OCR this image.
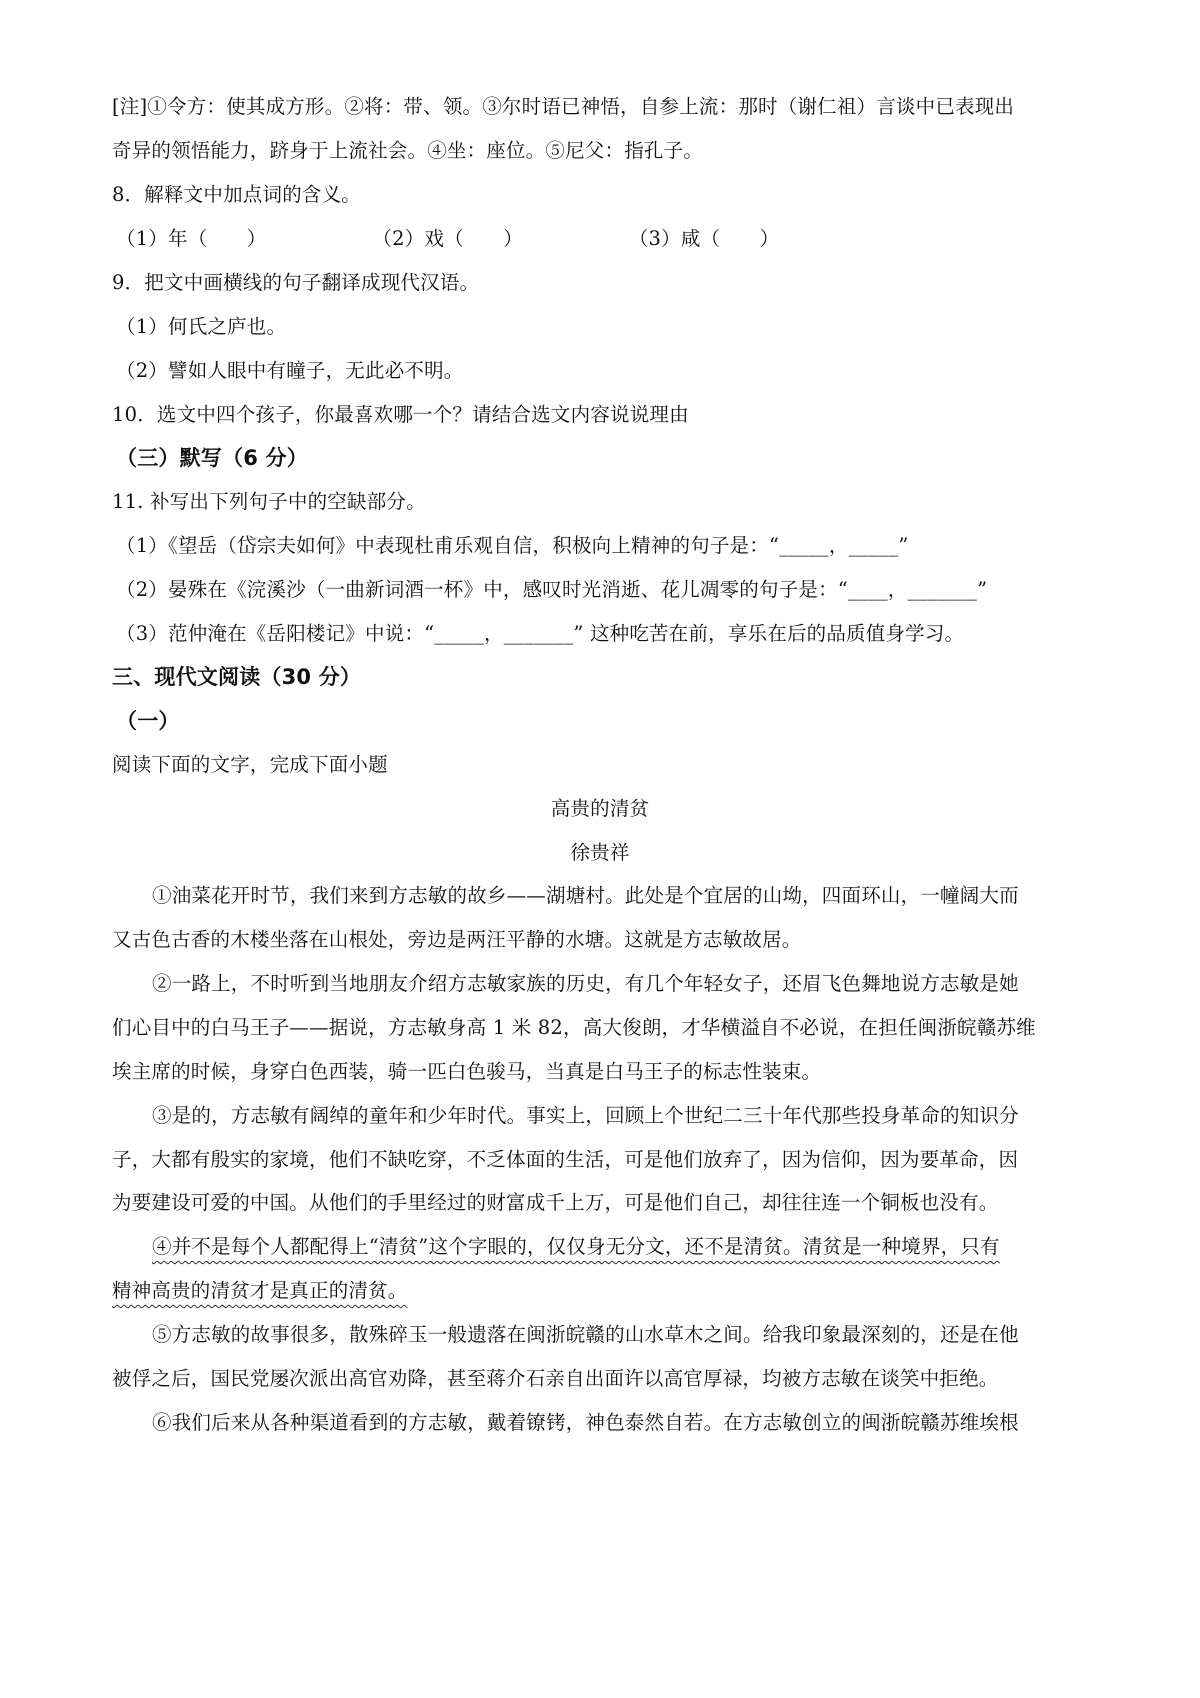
[注]①令方：使其成方形。②将：带、领。③尔时语已神悟，自参上流：那时（谢仁祖）言谈中已表现出
奇异的领悟能力，跻身于上流社会。④坐：座位。⑤尼父：指孔子。
8．解释文中加点词的含义。
（1）年（　　）	（2）戏（　　）	（3）咸（　　）
9．把文中画横线的句子翻译成现代汉语。
（1）何氏之庐也。
（2）譬如人眼中有瞳子，无此必不明。
10．选文中四个孩子，你最喜欢哪一个？请结合选文内容说说理由
（三）默写（6 分）
11. 补写出下列句子中的空缺部分。
（1）《望岳（岱宗夫如何》中表现杜甫乐观自信，积极向上精神的句子是：“_____，_____”
（2）晏殊在《浣溪沙（一曲新词酒一杯》中，感叹时光消逝、花儿凋零的句子是：“____，_______”
（3）范仲淹在《岳阳楼记》中说：“_____，_______” 这种吃苦在前，享乐在后的品质值身学习。
三、现代文阅读（30 分）
（一）
阅读下面的文字，完成下面小题
高贵的清贫
徐贵祥
①油菜花开时节，我们来到方志敏的故乡——湖塘村。此处是个宜居的山坳，四面环山，一幢阔大而
又古色古香的木楼坐落在山根处，旁边是两汪平静的水塘。这就是方志敏故居。
②一路上，不时听到当地朋友介绍方志敏家族的历史，有几个年轻女子，还眉飞色舞地说方志敏是她
们心目中的白马王子——据说，方志敏身高 1 米 82，高大俊朗，才华横溢自不必说，在担任闽浙皖赣苏维
埃主席的时候，身穿白色西装，骑一匹白色骏马，当真是白马王子的标志性装束。
③是的，方志敏有阔绰的童年和少年时代。事实上，回顾上个世纪二三十年代那些投身革命的知识分
子，大都有殷实的家境，他们不缺吃穿，不乏体面的生活，可是他们放弃了，因为信仰，因为要革命，因
为要建设可爱的中国。从他们的手里经过的财富成千上万，可是他们自己，却往往连一个铜板也没有。
④并不是每个人都配得上“清贫”这个字眼的，仅仅身无分文，还不是清贫。清贫是一种境界，只有
精神高贵的清贫才是真正的清贫。
⑤方志敏的故事很多，散殊碎玉一般遗落在闽浙皖赣的山水草木之间。给我印象最深刻的，还是在他
被俘之后，国民党屡次派出高官劝降，甚至蒋介石亲自出面许以高官厚禄，均被方志敏在谈笑中拒绝。
⑥我们后来从各种渠道看到的方志敏，戴着镣铐，神色泰然自若。在方志敏创立的闽浙皖赣苏维埃根
